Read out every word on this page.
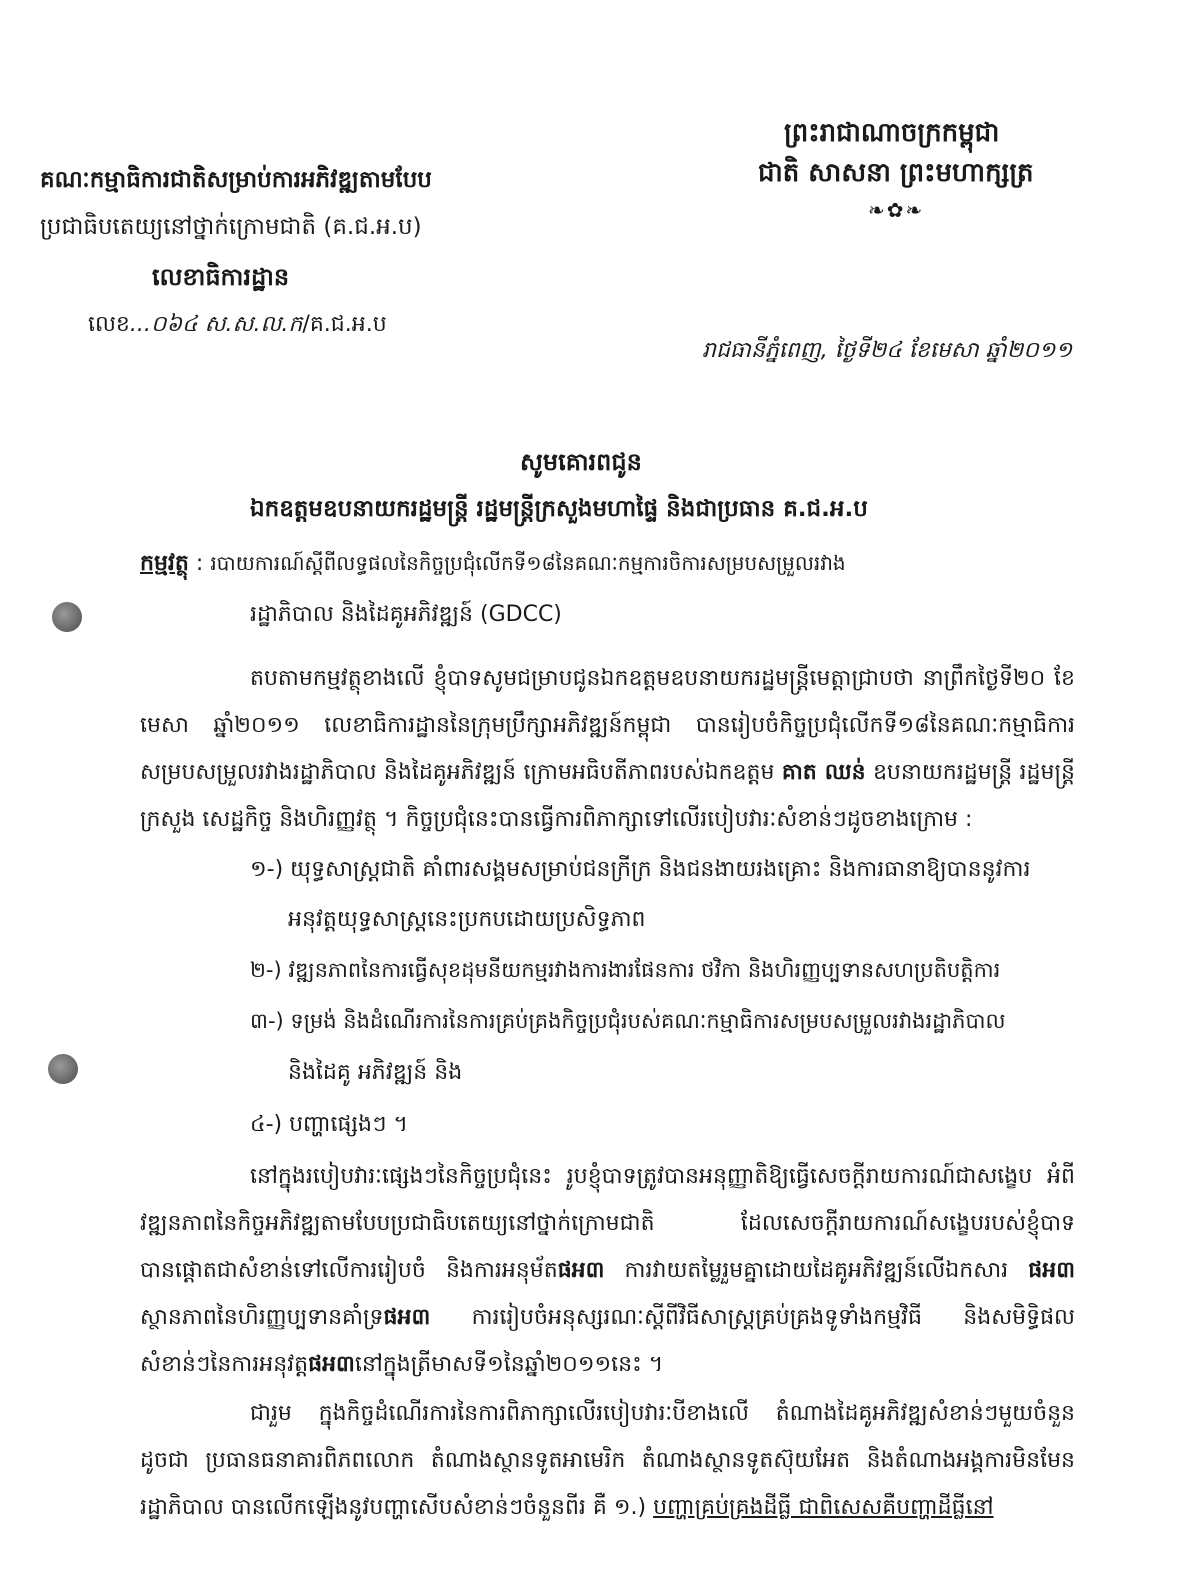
ព្រះរាជាណាចក្រកម្ពុជា
ជាតិ សាសនា ព្រះមហាក្សត្រ
❧✿❧
គណៈកម្មាធិការជាតិសម្រាប់ការអភិវឌ្ឍតាមបែប
ប្រជាធិបតេយ្យនៅថ្នាក់ក្រោមជាតិ (គ.ជ.អ.ប)
លេខាធិការដ្ឋាន
លេខ...០៦៤ ស.ស.ល.ក/គ.ជ.អ.ប
រាជធានីភ្នំពេញ, ថ្ងៃទី២៤ ខែមេសា ឆ្នាំ២០១១
សូមគោរពជូន
ឯកឧត្តមឧបនាយករដ្ឋមន្ត្រី រដ្ឋមន្ត្រីក្រសួងមហាផ្ទៃ និងជាប្រធាន គ.ជ.អ.ប
កម្មវត្ថុ : របាយការណ៍ស្តីពីលទ្ធផលនៃកិច្ចប្រជុំលើកទី១៨នៃគណៈកម្មការចិការសម្របសម្រួលរវាង
រដ្ឋាភិបាល និងដៃគូអភិវឌ្ឍន៍ (GDCC)
តបតាមកម្មវត្ថុខាងលើ ខ្ញុំបាទសូមជម្រាបជូនឯកឧត្តមឧបនាយករដ្ឋមន្ត្រីមេត្តាជ្រាបថា នាព្រឹកថ្ងៃទី២០ ខែមេសា ឆ្នាំ២០១១ លេខាធិការដ្ឋាននៃក្រុមប្រឹក្សាអភិវឌ្ឍន៍កម្ពុជា បានរៀបចំកិច្ចប្រជុំលើកទី១៨នៃគណៈកម្មាធិការសម្របសម្រួលរវាងរដ្ឋាភិបាល និងដៃគូអភិវឌ្ឍន៍ ក្រោមអធិបតីភាពរបស់ឯកឧត្តម គាត ឈន់ ឧបនាយករដ្ឋមន្ត្រី រដ្ឋមន្ត្រីក្រសួង សេដ្ឋកិច្ច និងហិរញ្ញវត្ថុ ។ កិច្ចប្រជុំនេះបានធ្វើការពិភាក្សាទៅលើរបៀបវារៈសំខាន់ៗដូចខាងក្រោម :
១-) យុទ្ធសាស្ត្រជាតិ គាំពារសង្គមសម្រាប់ជនក្រីក្រ និងជនងាយរងគ្រោះ និងការធានាឱ្យបាននូវការ
អនុវត្តយុទ្ធសាស្ត្រនេះប្រកបដោយប្រសិទ្ធភាព
២-) វឌ្ឍនភាពនៃការធ្វើសុខដុមនីយកម្មរវាងការងារផែនការ ថវិកា និងហិរញ្ញប្បទានសហប្រតិបត្តិការ
៣-) ទម្រង់ និងដំណើរការនៃការគ្រប់គ្រងកិច្ចប្រជុំរបស់គណៈកម្មាធិការសម្របសម្រួលរវាងរដ្ឋាភិបាល
និងដៃគូ អភិវឌ្ឍន៍ និង
៤-) បញ្ហាផ្សេងៗ ។
នៅក្នុងរបៀបវារៈផ្សេងៗនៃកិច្ចប្រជុំនេះ រូបខ្ញុំបាទត្រូវបានអនុញ្ញាតិឱ្យធ្វើសេចក្តីរាយការណ៍ជាសង្ខេប អំពីវឌ្ឍនភាពនៃកិច្ចអភិវឌ្ឍតាមបែបប្រជាធិបតេយ្យនៅថ្នាក់ក្រោមជាតិ ដែលសេចក្តីរាយការណ៍សង្ខេបរបស់ខ្ញុំបាទ បានផ្តោតជាសំខាន់ទៅលើការរៀបចំ និងការអនុម័តផអ៣ ការវាយតម្លៃរួមគ្នាដោយដៃគូអភិវឌ្ឍន៍លើឯកសារ ផអ៣ ស្ថានភាពនៃហិរញ្ញប្បទានគាំទ្រផអ៣ ការរៀបចំអនុស្សរណៈស្តីពីវិធីសាស្ត្រគ្រប់គ្រងទូទាំងកម្មវិធី និងសមិទ្ធិផលសំខាន់ៗនៃការអនុវត្តផអ៣នៅក្នុងត្រីមាសទី១នៃឆ្នាំ២០១១នេះ ។
ជារួម ក្នុងកិច្ចដំណើរការនៃការពិភាក្សាលើរបៀបវារៈបីខាងលើ តំណាងដៃគូអភិវឌ្ឍសំខាន់ៗមួយចំនួន ដូចជា ប្រធានធនាគារពិភពលោក តំណាងស្ថានទូតអាមេរិក តំណាងស្ថានទូតស៊ុយអែត និងតំណាងអង្គការមិនមែន រដ្ឋាភិបាល បានលើកឡើងនូវបញ្ហាសើបសំខាន់ៗចំនួនពីរ គឺ ១.) បញ្ហាគ្រប់គ្រងដីធ្លី ជាពិសេសគឺបញ្ហាដីធ្លីនៅ
